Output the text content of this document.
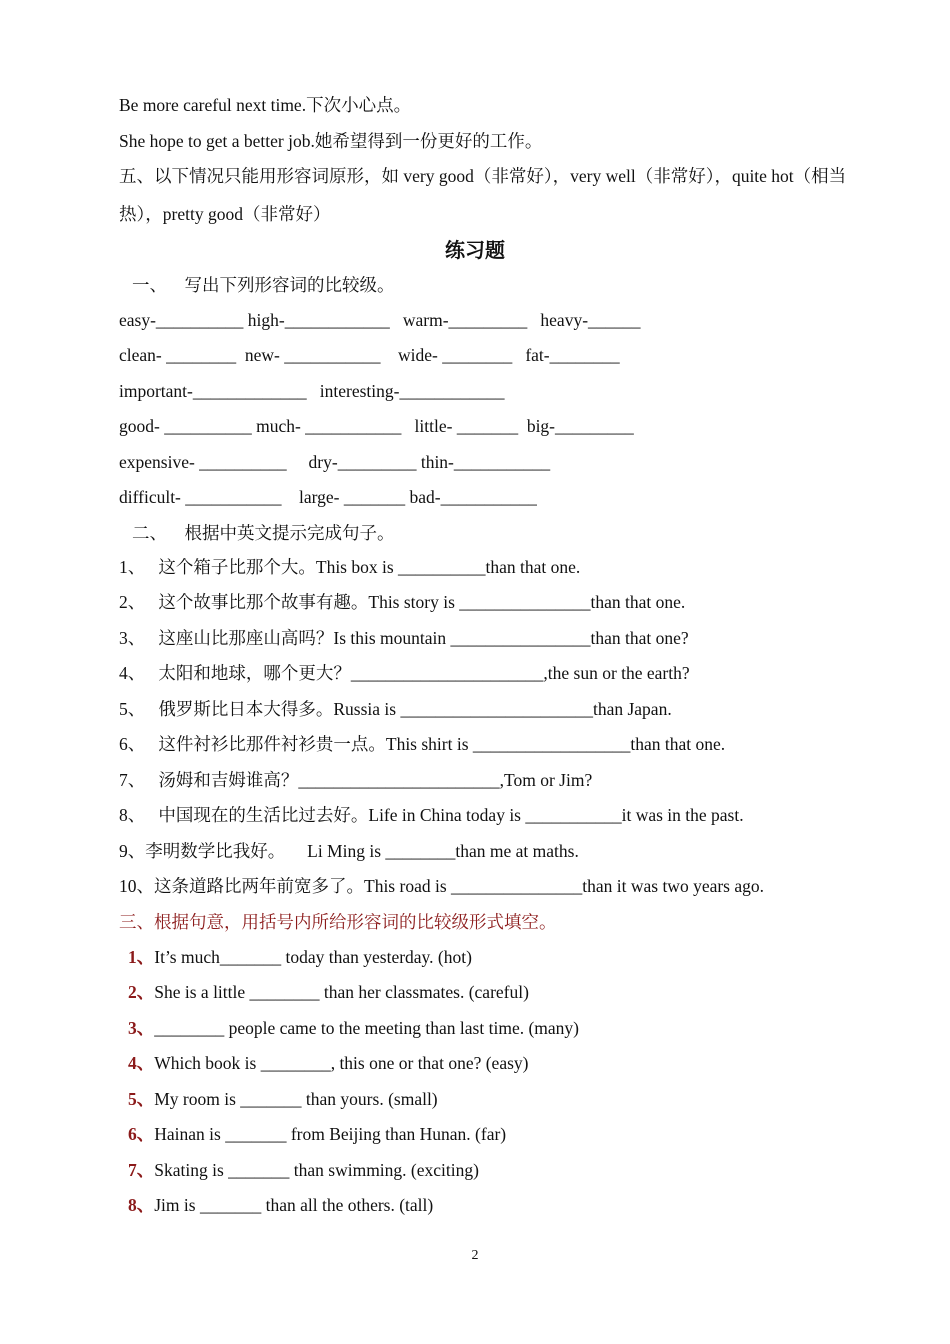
Be more careful next time.下次小心点。
She hope to get a better job.她希望得到一份更好的工作。
五、以下情况只能用形容词原形，如 very good（非常好），very well（非常好），quite hot（相当
热），pretty good（非常好）
练习题
一、    写出下列形容词的比较级。
easy-__________ high-____________   warm-_________   heavy-______
clean- ________  new- ___________    wide- ________   fat-________
important-_____________   interesting-____________
good- __________ much- ___________   little- _______  big-_________
expensive- __________     dry-_________ thin-___________
difficult- ___________    large- _______ bad-___________
二、    根据中英文提示完成句子。
1、   这个箱子比那个大。This box is __________than that one.
2、   这个故事比那个故事有趣。This story is _______________than that one.
3、   这座山比那座山高吗？Is this mountain ________________than that one?
4、   太阳和地球，哪个更大？______________________,the sun or the earth?
5、   俄罗斯比日本大得多。Russia is ______________________than Japan.
6、   这件衬衫比那件衬衫贵一点。This shirt is __________________than that one.
7、   汤姆和吉姆谁高？_______________________,Tom or Jim?
8、   中国现在的生活比过去好。Life in China today is ___________it was in the past.
9、李明数学比我好。     Li Ming is ________than me at maths.
10、这条道路比两年前宽多了。This road is _______________than it was two years ago.
三、根据句意，用括号内所给形容词的比较级形式填空。
1、It’s much_______ today than yesterday. (hot)
2、She is a little ________ than her classmates. (careful)
3、________ people came to the meeting than last time. (many)
4、Which book is ________, this one or that one? (easy)
5、My room is _______ than yours. (small)
6、Hainan is _______ from Beijing than Hunan. (far)
7、Skating is _______ than swimming. (exciting)
8、Jim is _______ than all the others. (tall)
2
